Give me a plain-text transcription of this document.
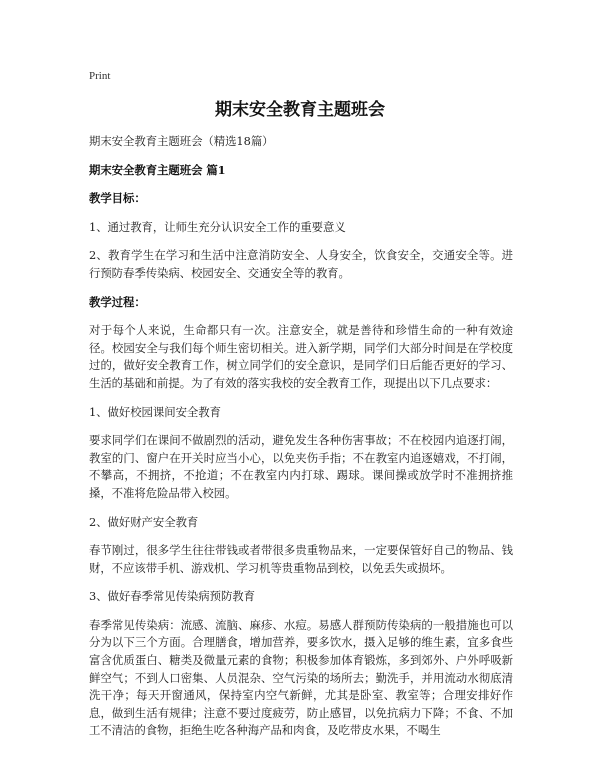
Print
期末安全教育主题班会

期末安全教育主题班会（精选18篇）

期末安全教育主题班会 篇1

教学目标：

1、通过教育，让师生充分认识安全工作的重要意义

2、教育学生在学习和生活中注意消防安全、人身安全，饮食安全，交通安全等。进行预防春季传染病、校园安全、交通安全等的教育。

教学过程：

对于每个人来说，生命都只有一次。注意安全，就是善待和珍惜生命的一种有效途径。校园安全与我们每个师生密切相关。进入新学期，同学们大部分时间是在学校度过的，做好安全教育工作，树立同学们的安全意识，是同学们日后能否更好的学习、生活的基础和前提。为了有效的落实我校的安全教育工作，现提出以下几点要求：

1、做好校园课间安全教育

要求同学们在课间不做剧烈的活动，避免发生各种伤害事故；不在校园内追逐打闹，教室的门、窗户在开关时应当小心，以免夹伤手指；不在教室内追逐嬉戏，不打闹，不攀高，不拥挤，不抢道；不在教室内内打球、踢球。课间操或放学时不准拥挤推搡，不准将危险品带入校园。

2、做好财产安全教育

春节刚过，很多学生往往带钱或者带很多贵重物品来，一定要保管好自己的物品、钱财，不应该带手机、游戏机、学习机等贵重物品到校，以免丢失或损坏。

3、做好春季常见传染病预防教育

春季常见传染病：流感、流脑、麻疹、水痘。易感人群预防传染病的一般措施也可以分为以下三个方面。合理膳食，增加营养，要多饮水，摄入足够的维生素，宜多食些富含优质蛋白、糖类及微量元素的食物；积极参加体育锻炼，多到郊外、户外呼吸新鲜空气；不到人口密集、人员混杂、空气污染的场所去；勤洗手，并用流动水彻底清洗干净；每天开窗通风，保持室内空气新鲜，尤其是卧室、教室等；合理安排好作息，做到生活有规律；注意不要过度疲劳，防止感冒，以免抗病力下降；不食、不加工不清洁的食物，拒绝生吃各种海产品和肉食，及吃带皮水果，不喝生
